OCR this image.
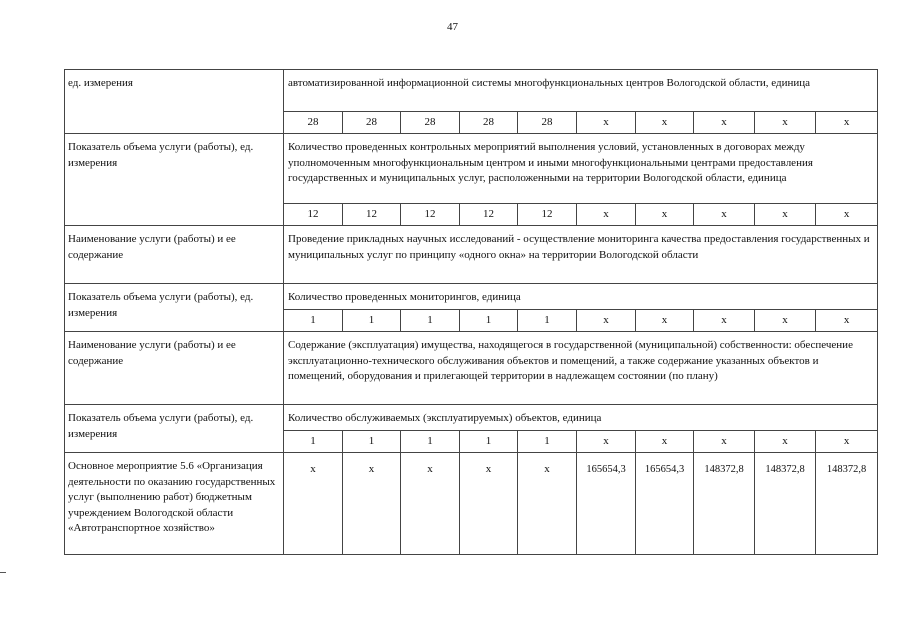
47
ед. измерения	автоматизированной информационной системы многофункциональных центров Вологодской области, единица									
	28	28	28	28	28	x	x	x	x	x
Показатель объема услуги (работы), ед. измерения	Количество проведенных контрольных мероприятий выполнения условий, установленных в договорах между уполномоченным многофункциональным центром и иными многофункциональными центрами предоставления государственных и муниципальных услуг, расположенными на территории Вологодской области, единица									
	12	12	12	12	12	x	x	x	x	x
Наименование услуги (работы) и ее содержание	Проведение прикладных научных исследований - осуществление мониторинга качества предоставления государственных и муниципальных услуг по принципу «одного окна» на территории Вологодской области									
Показатель объема услуги (работы), ед. измерения	Количество проведенных мониторингов, единица									
	1	1	1	1	1	x	x	x	x	x
Наименование услуги (работы) и ее содержание	Содержание (эксплуатация) имущества, находящегося в государственной (муниципальной) собственности: обеспечение эксплуатационно-технического обслуживания объектов и помещений, а также содержание указанных объектов и помещений, оборудования и прилегающей территории в надлежащем состоянии (по плану)									
Показатель объема услуги (работы), ед. измерения	Количество обслуживаемых (эксплуатируемых) объектов, единица									
	1	1	1	1	1	x	x	x	x	x
Основное мероприятие 5.6 «Организация деятельности по оказанию государственных услуг (выполнению работ) бюджетным учреждением Вологодской области «Автотранспортное хозяйство»	x	x	x	x	x	165654,3	165654,3	148372,8	148372,8	148372,8
